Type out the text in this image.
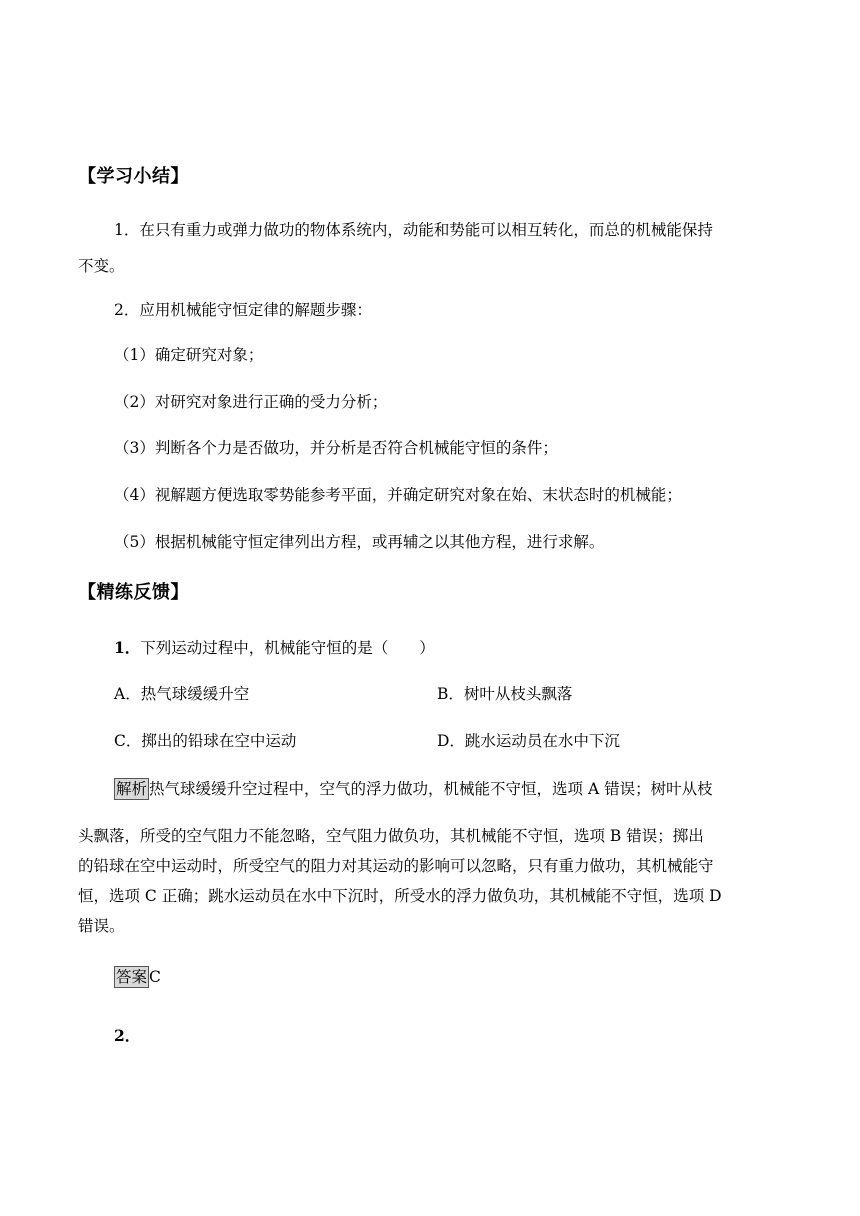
【学习小结】
1．在只有重力或弹力做功的物体系统内，动能和势能可以相互转化，而总的机械能保持
不变。
2．应用机械能守恒定律的解题步骤：
（1）确定研究对象；
（2）对研究对象进行正确的受力分析；
（3）判断各个力是否做功，并分析是否符合机械能守恒的条件；
（4）视解题方便选取零势能参考平面，并确定研究对象在始、末状态时的机械能；
（5）根据机械能守恒定律列出方程，或再辅之以其他方程，进行求解。
【精练反馈】
1．下列运动过程中，机械能守恒的是（　　）
A．热气球缓缓升空	B．树叶从枝头飘落
C．掷出的铅球在空中运动	D．跳水运动员在水中下沉
解析 热气球缓缓升空过程中，空气的浮力做功，机械能不守恒，选项 A 错误；树叶从枝
头飘落，所受的空气阻力不能忽略，空气阻力做负功，其机械能不守恒，选项 B 错误；掷出
的铅球在空中运动时，所受空气的阻力对其运动的影响可以忽略，只有重力做功，其机械能守
恒，选项 C 正确；跳水运动员在水中下沉时，所受水的浮力做负功，其机械能不守恒，选项 D
错误。
答案 C
2．
